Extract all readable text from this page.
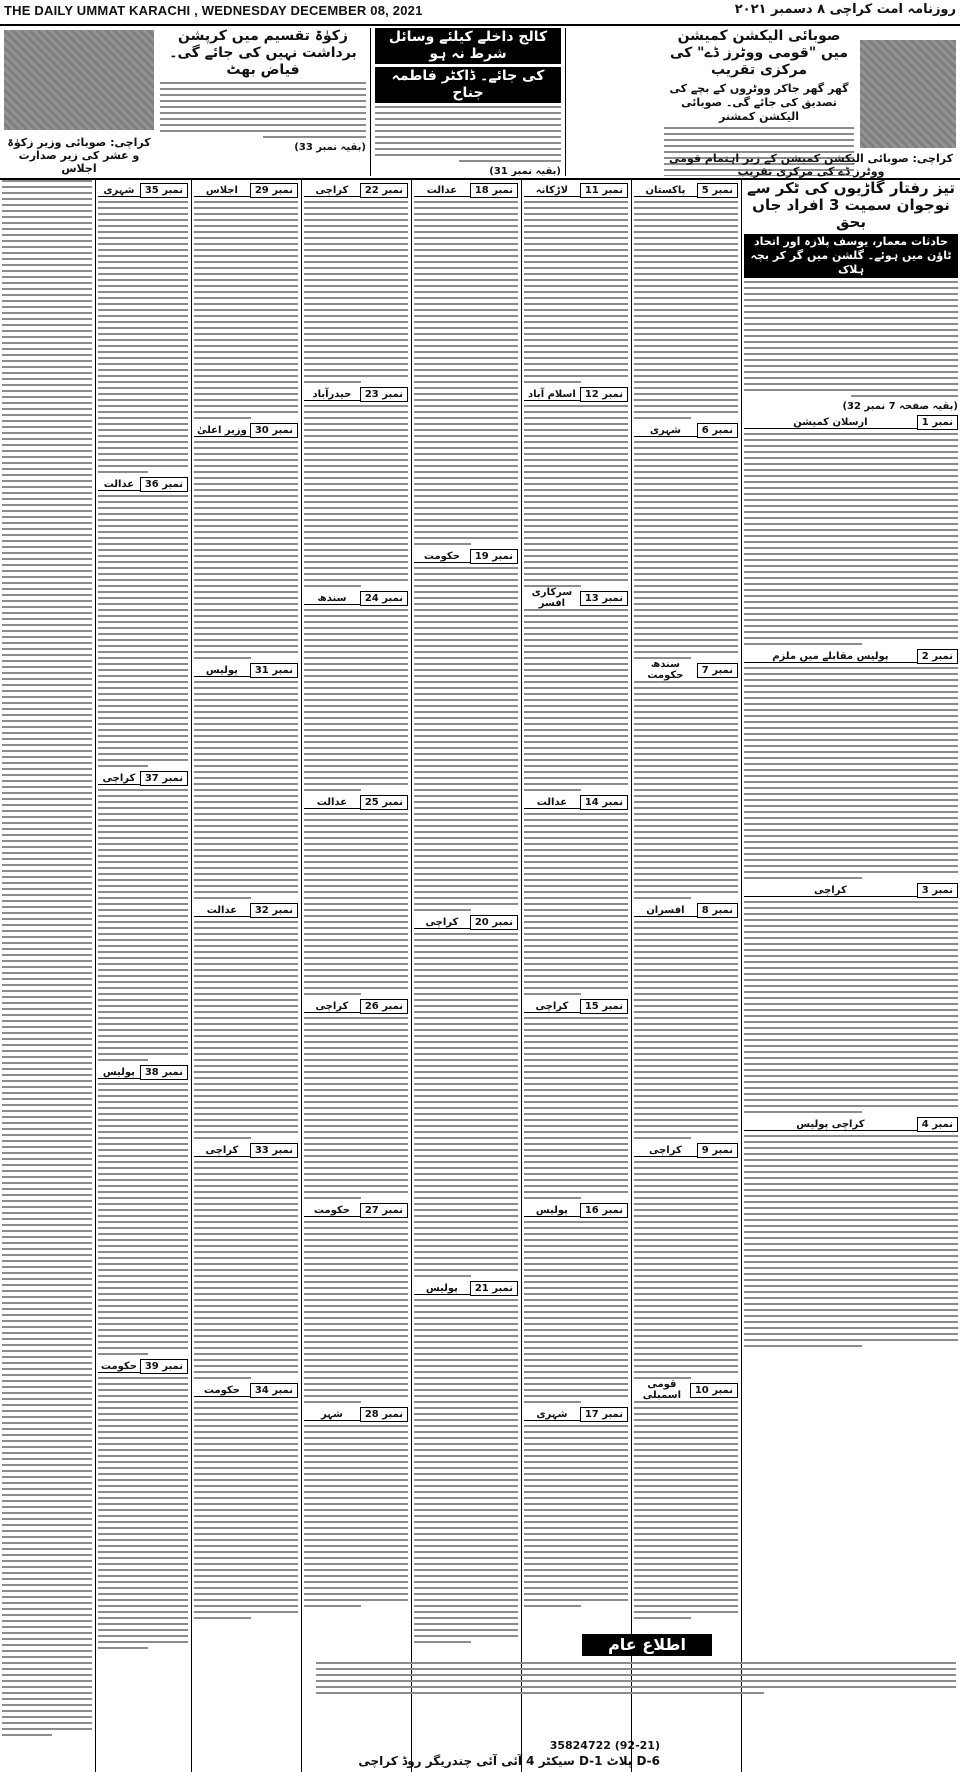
THE DAILY UMMAT KARACHI , WEDNESDAY DECEMBER 08, 2021	روزنامہ امت کراچی ۸ دسمبر ۲۰۲۱
صوبائی الیکشن کمیشن میں "قومی ووٹرز ڈے" کی مرکزی تقریب
گھر گھر جاکر ووٹروں کے بچے کی تصدیق کی جائے گی۔ صوبائی الیکشن کمشنر
کراچی: صوبائی الیکشن کمیشن کے زیر اہتمام قومی ووٹرز ڈے کی مرکزی تقریب
کالج داخلے کیلئے وسائل شرط نہ ہو
کی جائے۔ ڈاکٹر فاطمہ جناح
(بقیہ نمبر 31)
زکوٰۃ تقسیم میں کرپشن برداشت نہیں کی جائے گی۔ فیاض بھٹ
(بقیہ نمبر 33)
کراچی: صوبائی وزیر زکوٰۃ و عشر کی زیر صدارت اجلاس
تیز رفتار گاڑیوں کی ٹکر سے نوجوان سمیت 3 افراد جاں بحق
حادثات معمار، یوسف پلازہ اور اتحاد ٹاؤن میں ہوئے۔ گلشن میں گر کر بچہ ہلاک
(بقیہ صفحہ 7 نمبر 32)
نمبر 1
ارسلان کمیشن
نمبر 2
پولیس مقابلے میں ملزم
نمبر 3
کراچی
نمبر 4
کراچی پولیس
نمبر 5
پاکستان
نمبر 6
شہری
نمبر 7
سندھ حکومت
نمبر 8
افسران
نمبر 9
کراچی
نمبر 10
قومی اسمبلی
نمبر 11
لاڑکانہ
نمبر 12
اسلام آباد
نمبر 13
سرکاری افسر
نمبر 14
عدالت
نمبر 15
کراچی
نمبر 16
پولیس
نمبر 17
شہری
نمبر 18
عدالت
نمبر 19
حکومت
نمبر 20
کراچی
نمبر 21
پولیس
نمبر 22
کراچی
نمبر 23
حیدرآباد
نمبر 24
سندھ
نمبر 25
عدالت
نمبر 26
کراچی
نمبر 27
حکومت
نمبر 28
شہر
نمبر 29
اجلاس
نمبر 30
وزیر اعلیٰ
نمبر 31
پولیس
نمبر 32
عدالت
نمبر 33
کراچی
نمبر 34
حکومت
نمبر 35
شہری
نمبر 36
عدالت
نمبر 37
کراچی
نمبر 38
پولیس
نمبر 39
حکومت
اطلاع عام
(92-21) 35824722
D-6 پلاٹ D-1 سیکٹر 4 آئی آئی چندریگر روڈ کراچی
